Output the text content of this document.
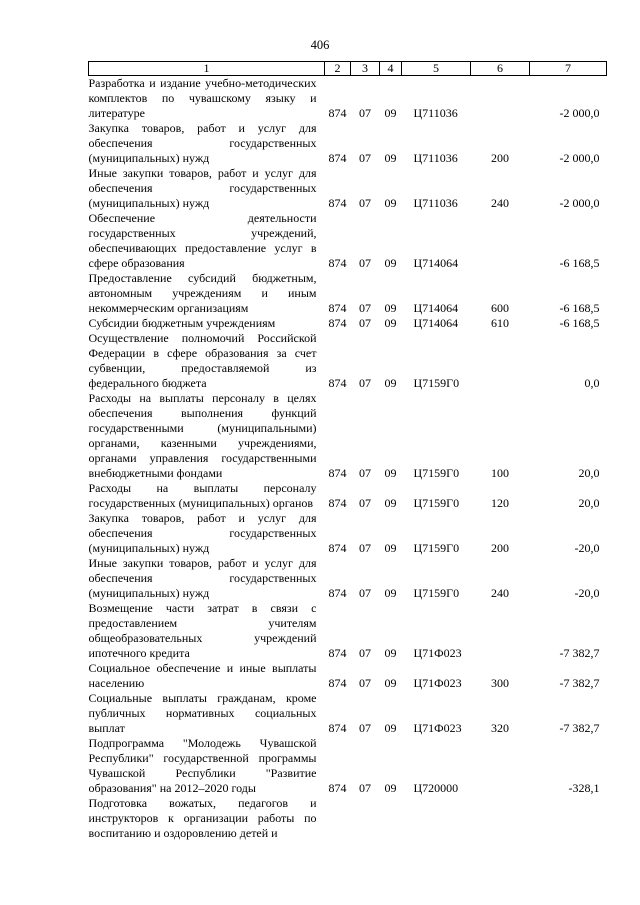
406
1	2	3	4	5	6	7
Разработка и издание учебно-методических комплектов по чувашскому языку и литературе	874	07	09	Ц711036		-2 000,0
Закупка товаров, работ и услуг для обеспечения государственных (муниципальных) нужд	874	07	09	Ц711036	200	-2 000,0
Иные закупки товаров, работ и услуг для обеспечения государственных (муниципальных) нужд	874	07	09	Ц711036	240	-2 000,0
Обеспечение деятельности государственных учреждений, обеспечивающих предоставление услуг в сфере образования	874	07	09	Ц714064		-6 168,5
Предоставление субсидий бюджетным, автономным учреждениям и иным некоммерческим организациям	874	07	09	Ц714064	600	-6 168,5
Субсидии бюджетным учреждениям	874	07	09	Ц714064	610	-6 168,5
Осуществление полномочий Российской Федерации в сфере образования за счет субвенции, предоставляемой из федерального бюджета	874	07	09	Ц7159Г0		0,0
Расходы на выплаты персоналу в целях обеспечения выполнения функций государственными (муниципальными) органами, казенными учреждениями, органами управления государственными внебюджетными фондами	874	07	09	Ц7159Г0	100	20,0
Расходы на выплаты персоналу государственных (муниципальных) органов	874	07	09	Ц7159Г0	120	20,0
Закупка товаров, работ и услуг для обеспечения государственных (муниципальных) нужд	874	07	09	Ц7159Г0	200	-20,0
Иные закупки товаров, работ и услуг для обеспечения государственных (муниципальных) нужд	874	07	09	Ц7159Г0	240	-20,0
Возмещение части затрат в связи с предоставлением учителям общеобразовательных учреждений ипотечного кредита	874	07	09	Ц71Ф023		-7 382,7
Социальное обеспечение и иные выплаты населению	874	07	09	Ц71Ф023	300	-7 382,7
Социальные выплаты гражданам, кроме публичных нормативных социальных выплат	874	07	09	Ц71Ф023	320	-7 382,7
Подпрограмма "Молодежь Чувашской Республики" государственной программы Чувашской Республики "Развитие образования" на 2012–2020 годы	874	07	09	Ц720000		-328,1
Подготовка вожатых, педагогов и инструкторов к организации работы по воспитанию и оздоровлению детей и						
